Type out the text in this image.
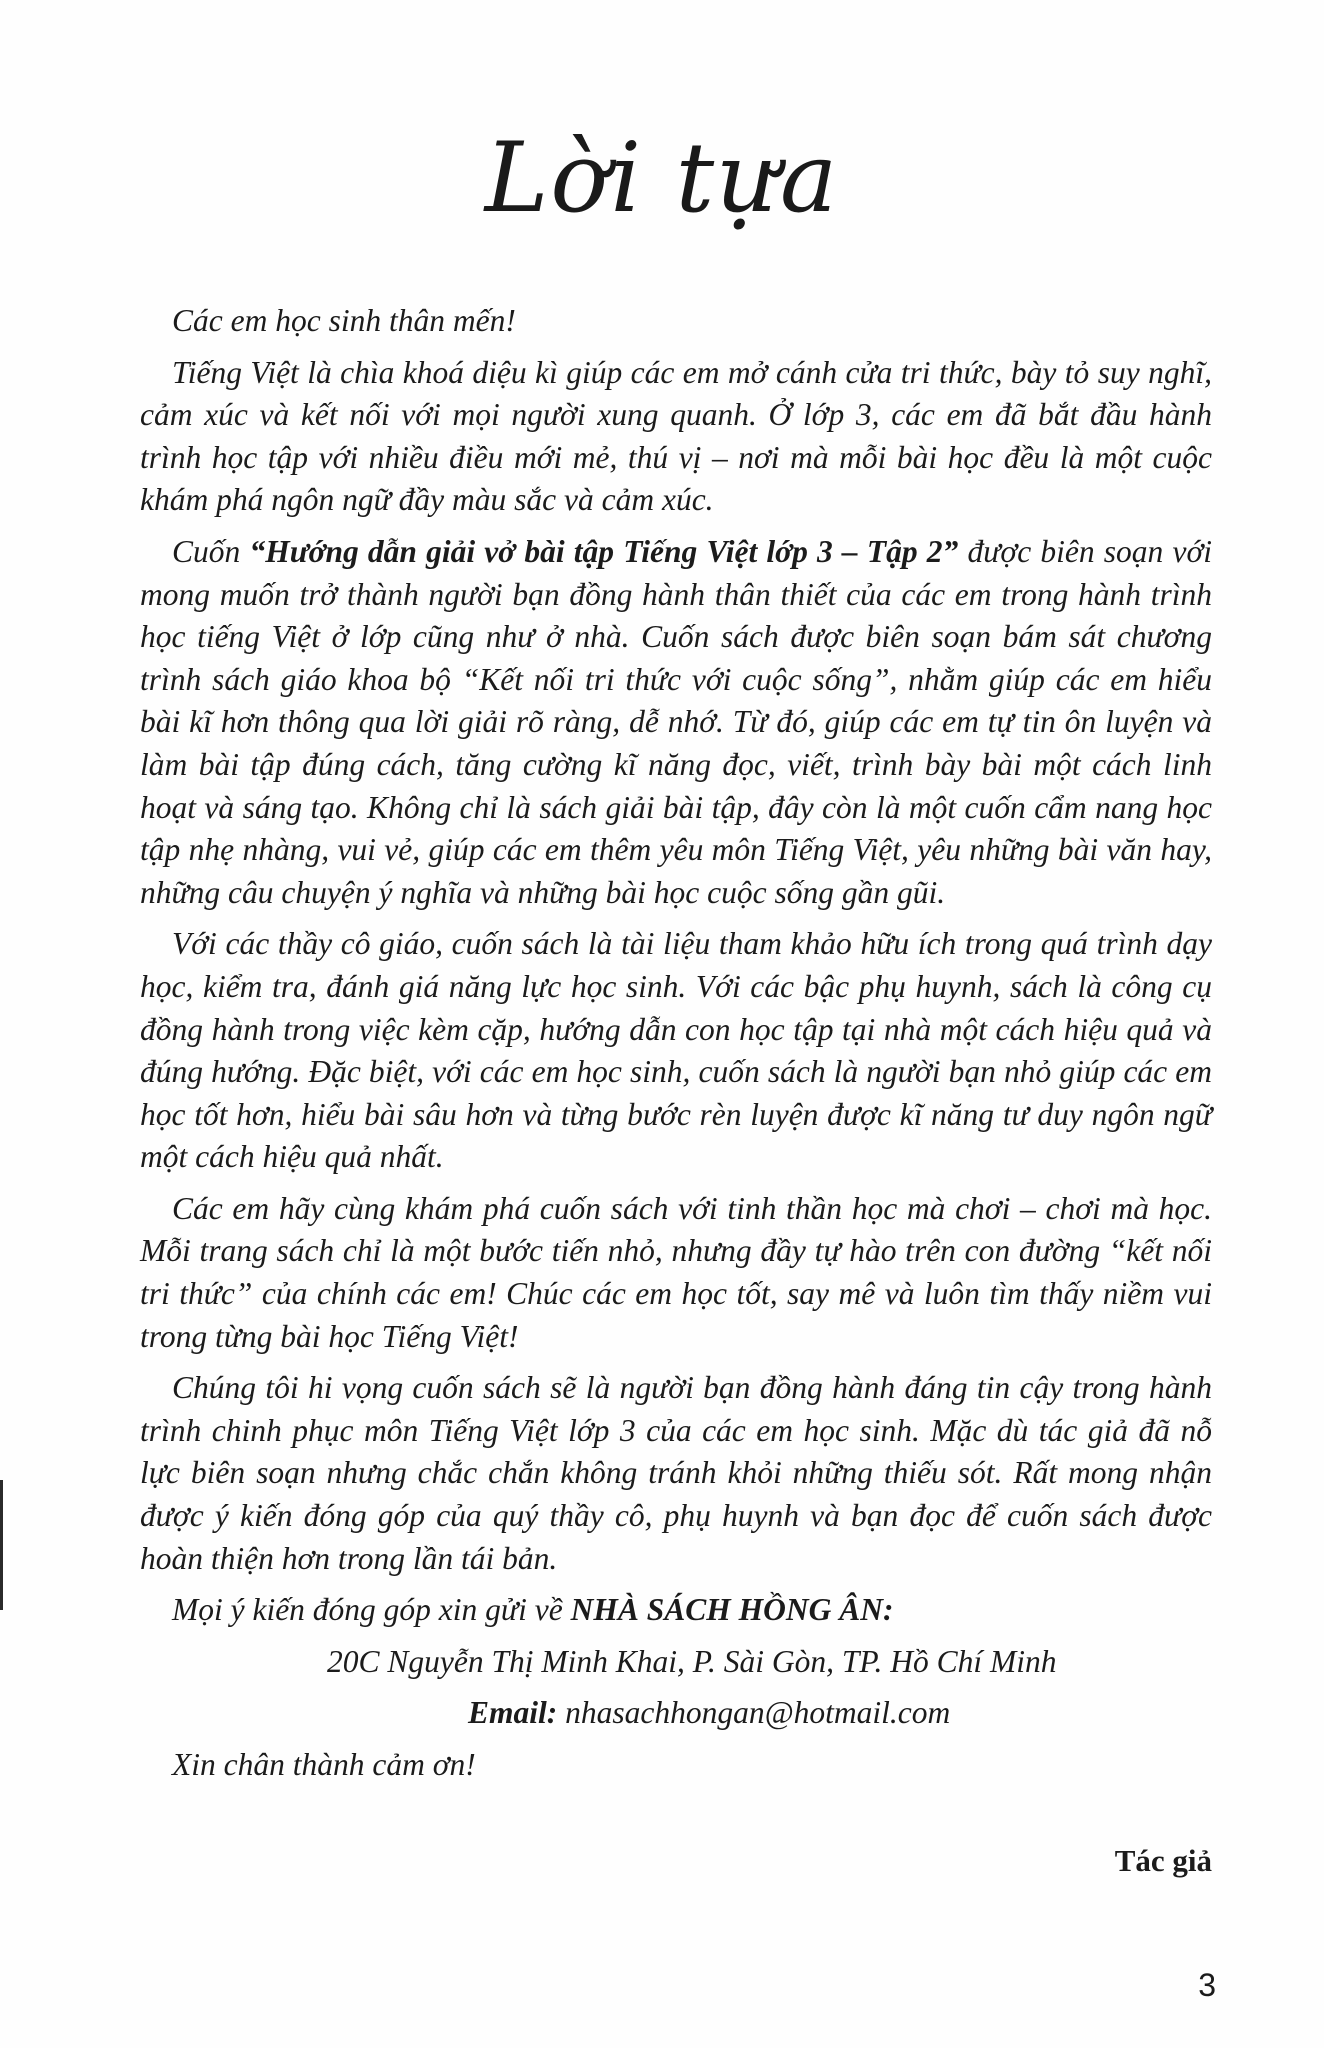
Lời tựa

Các em học sinh thân mến!

Tiếng Việt là chìa khoá diệu kì giúp các em mở cánh cửa tri thức, bày tỏ suy nghĩ, cảm xúc và kết nối với mọi người xung quanh. Ở lớp 3, các em đã bắt đầu hành trình học tập với nhiều điều mới mẻ, thú vị – nơi mà mỗi bài học đều là một cuộc khám phá ngôn ngữ đầy màu sắc và cảm xúc.

Cuốn “Hướng dẫn giải vở bài tập Tiếng Việt lớp 3 – Tập 2” được biên soạn với mong muốn trở thành người bạn đồng hành thân thiết của các em trong hành trình học tiếng Việt ở lớp cũng như ở nhà. Cuốn sách được biên soạn bám sát chương trình sách giáo khoa bộ “Kết nối tri thức với cuộc sống”, nhằm giúp các em hiểu bài kĩ hơn thông qua lời giải rõ ràng, dễ nhớ. Từ đó, giúp các em tự tin ôn luyện và làm bài tập đúng cách, tăng cường kĩ năng đọc, viết, trình bày bài một cách linh hoạt và sáng tạo. Không chỉ là sách giải bài tập, đây còn là một cuốn cẩm nang học tập nhẹ nhàng, vui vẻ, giúp các em thêm yêu môn Tiếng Việt, yêu những bài văn hay, những câu chuyện ý nghĩa và những bài học cuộc sống gần gũi.

Với các thầy cô giáo, cuốn sách là tài liệu tham khảo hữu ích trong quá trình dạy học, kiểm tra, đánh giá năng lực học sinh. Với các bậc phụ huynh, sách là công cụ đồng hành trong việc kèm cặp, hướng dẫn con học tập tại nhà một cách hiệu quả và đúng hướng. Đặc biệt, với các em học sinh, cuốn sách là người bạn nhỏ giúp các em học tốt hơn, hiểu bài sâu hơn và từng bước rèn luyện được kĩ năng tư duy ngôn ngữ một cách hiệu quả nhất.

Các em hãy cùng khám phá cuốn sách với tinh thần học mà chơi – chơi mà học. Mỗi trang sách chỉ là một bước tiến nhỏ, nhưng đầy tự hào trên con đường “kết nối tri thức” của chính các em! Chúc các em học tốt, say mê và luôn tìm thấy niềm vui trong từng bài học Tiếng Việt!

Chúng tôi hi vọng cuốn sách sẽ là người bạn đồng hành đáng tin cậy trong hành trình chinh phục môn Tiếng Việt lớp 3 của các em học sinh. Mặc dù tác giả đã nỗ lực biên soạn nhưng chắc chắn không tránh khỏi những thiếu sót. Rất mong nhận được ý kiến đóng góp của quý thầy cô, phụ huynh và bạn đọc để cuốn sách được hoàn thiện hơn trong lần tái bản.

Mọi ý kiến đóng góp xin gửi về NHÀ SÁCH HỒNG ÂN:

20C Nguyễn Thị Minh Khai, P. Sài Gòn, TP. Hồ Chí Minh

Email: nhasachhongan@hotmail.com

Xin chân thành cảm ơn!

Tác giả
3
